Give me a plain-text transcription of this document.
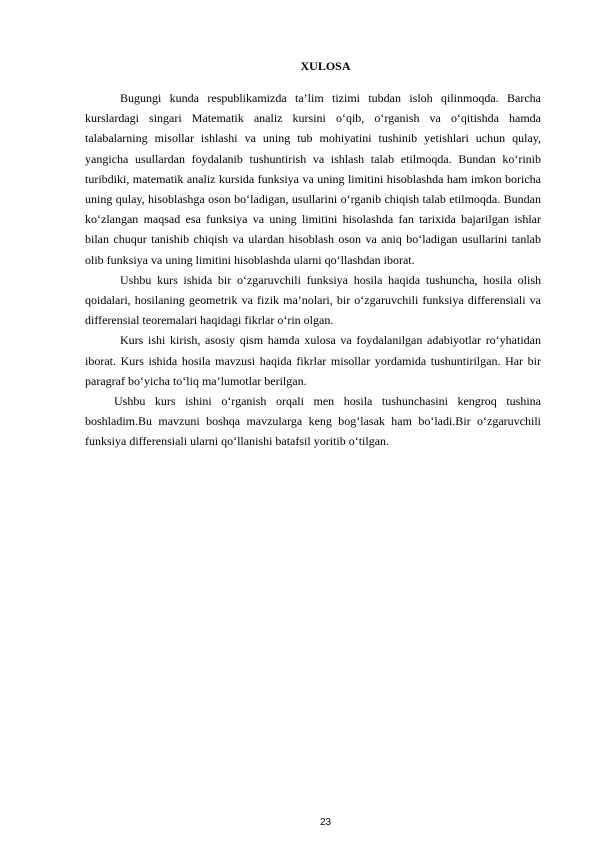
XULOSA

Bugungi kunda respublikamizda ta’lim tizimi tubdan isloh qilinmoqda. Barcha kurslardagi singari Matematik analiz kursini o‘qib, o‘rganish va o‘qitishda hamda talabalarning misollar ishlashi va uning tub mohiyatini tushinib yetishlari uchun qulay, yangicha usullardan foydalanib tushuntirish va ishlash talab etilmoqda. Bundan ko‘rinib turibdiki, matematik analiz kursida funksiya va uning limitini hisoblashda ham imkon boricha uning qulay, hisoblashga oson bo‘ladigan, usullarini o‘rganib chiqish talab etilmoqda. Bundan ko‘zlangan maqsad esa funksiya va uning limitini hisolashda fan tarixida bajarilgan ishlar bilan chuqur tanishib chiqish va ulardan hisoblash oson va aniq bo‘ladigan usullarini tanlab olib funksiya va uning limitini hisoblashda ularni qo‘llashdan iborat.

Ushbu kurs ishida bir o‘zgaruvchili funksiya hosila haqida tushuncha, hosila olish qoidalari, hosilaning geometrik va fizik ma’nolari, bir o‘zgaruvchili funksiya differensiali va differensial teoremalari haqidagi fikrlar o‘rin olgan.

Kurs ishi kirish, asosiy qism hamda xulosa va foydalanilgan adabiyotlar ro‘yhatidan iborat. Kurs ishida hosila mavzusi haqida fikrlar misollar yordamida tushuntirilgan. Har bir paragraf bo‘yicha to‘liq ma’lumotlar berilgan.

Ushbu kurs ishini o‘rganish orqali men hosila tushunchasini kengroq tushina boshladim.Bu mavzuni boshqa mavzularga keng bog’lasak ham bo‘ladi.Bir o‘zgaruvchili funksiya differensiali ularni qo‘llanishi batafsil yoritib o‘tilgan.

23
